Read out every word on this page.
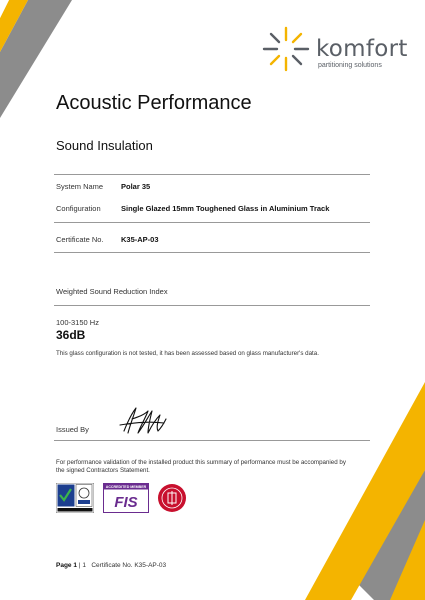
komfort
partitioning solutions
Acoustic Performance
Sound Insulation
System Name Polar 35
Configuration	Single Glazed 15mm Toughened Glass in Aluminium Track
Certificate No. K35-AP-03
Weighted Sound Reduction Index
100-3150 Hz
36dB
This glass configuration is not tested, it has been assessed based on glass manufacturer's data.
Issued By
For performance validation of the installed product this summary of performance must be accompanied by the signed Contractors Statement.
ACCREDITED MEMBER
FIS
Page 1 | 1 Certificate No. K35-AP-03
